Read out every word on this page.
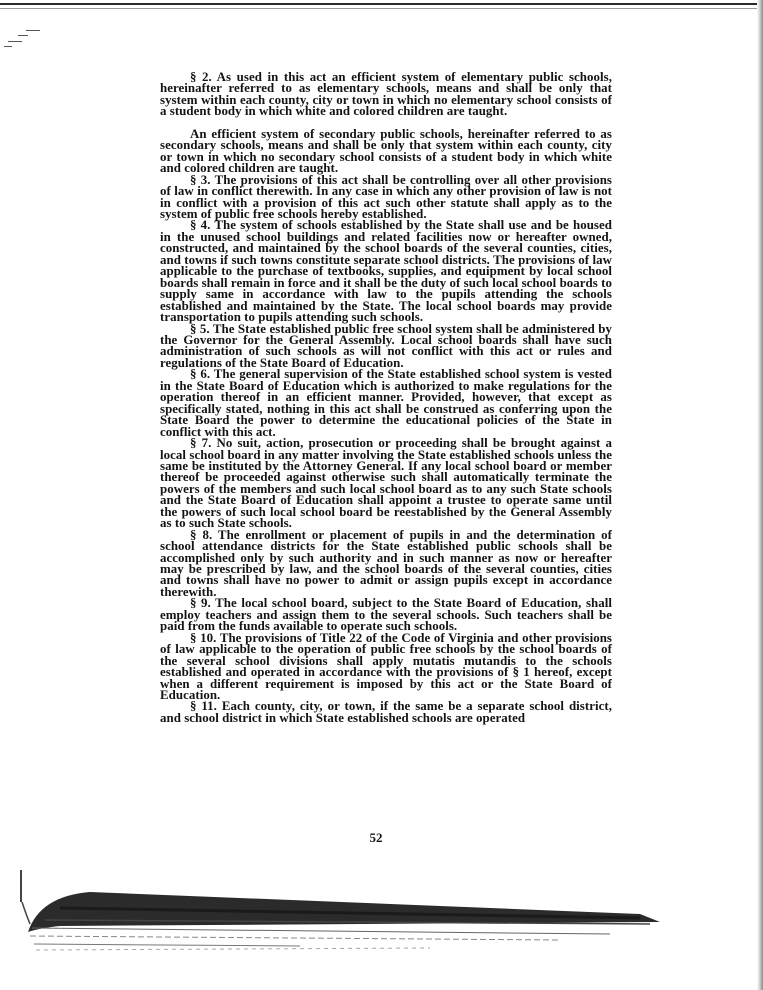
§ 2. As used in this act an efficient system of elementary public schools, hereinafter referred to as elementary schools, means and shall be only that system within each county, city or town in which no elementary school consists of a student body in which white and colored children are taught.

An efficient system of secondary public schools, hereinafter referred to as secondary schools, means and shall be only that system within each county, city or town in which no secondary school consists of a student body in which white and colored children are taught.

§ 3. The provisions of this act shall be controlling over all other provisions of law in conflict therewith. In any case in which any other provision of law is not in conflict with a provision of this act such other statute shall apply as to the system of public free schools hereby established.

§ 4. The system of schools established by the State shall use and be housed in the unused school buildings and related facilities now or hereafter owned, constructed, and maintained by the school boards of the several counties, cities, and towns if such towns constitute separate school districts. The provisions of law applicable to the purchase of textbooks, supplies, and equipment by local school boards shall remain in force and it shall be the duty of such local school boards to supply same in accordance with law to the pupils attending the schools established and maintained by the State. The local school boards may provide transportation to pupils attending such schools.

§ 5. The State established public free school system shall be administered by the Governor for the General Assembly. Local school boards shall have such administration of such schools as will not conflict with this act or rules and regulations of the State Board of Education.

§ 6. The general supervision of the State established school system is vested in the State Board of Education which is authorized to make regulations for the operation thereof in an efficient manner. Provided, however, that except as specifically stated, nothing in this act shall be construed as conferring upon the State Board the power to determine the educational policies of the State in conflict with this act.

§ 7. No suit, action, prosecution or proceeding shall be brought against a local school board in any matter involving the State established schools unless the same be instituted by the Attorney General. If any local school board or member thereof be proceeded against otherwise such shall automatically terminate the powers of the members and such local school board as to any such State schools and the State Board of Education shall appoint a trustee to operate same until the powers of such local school board be reestablished by the General Assembly as to such State schools.

§ 8. The enrollment or placement of pupils in and the determination of school attendance districts for the State established public schools shall be accomplished only by such authority and in such manner as now or hereafter may be prescribed by law, and the school boards of the several counties, cities and towns shall have no power to admit or assign pupils except in accordance therewith.

§ 9. The local school board, subject to the State Board of Education, shall employ teachers and assign them to the several schools. Such teachers shall be paid from the funds available to operate such schools.

§ 10. The provisions of Title 22 of the Code of Virginia and other provisions of law applicable to the operation of public free schools by the school boards of the several school divisions shall apply mutatis mutandis to the schools established and operated in accordance with the provisions of § 1 hereof, except when a different requirement is imposed by this act or the State Board of Education.

§ 11. Each county, city, or town, if the same be a separate school district, and school district in which State established schools are operated

52
